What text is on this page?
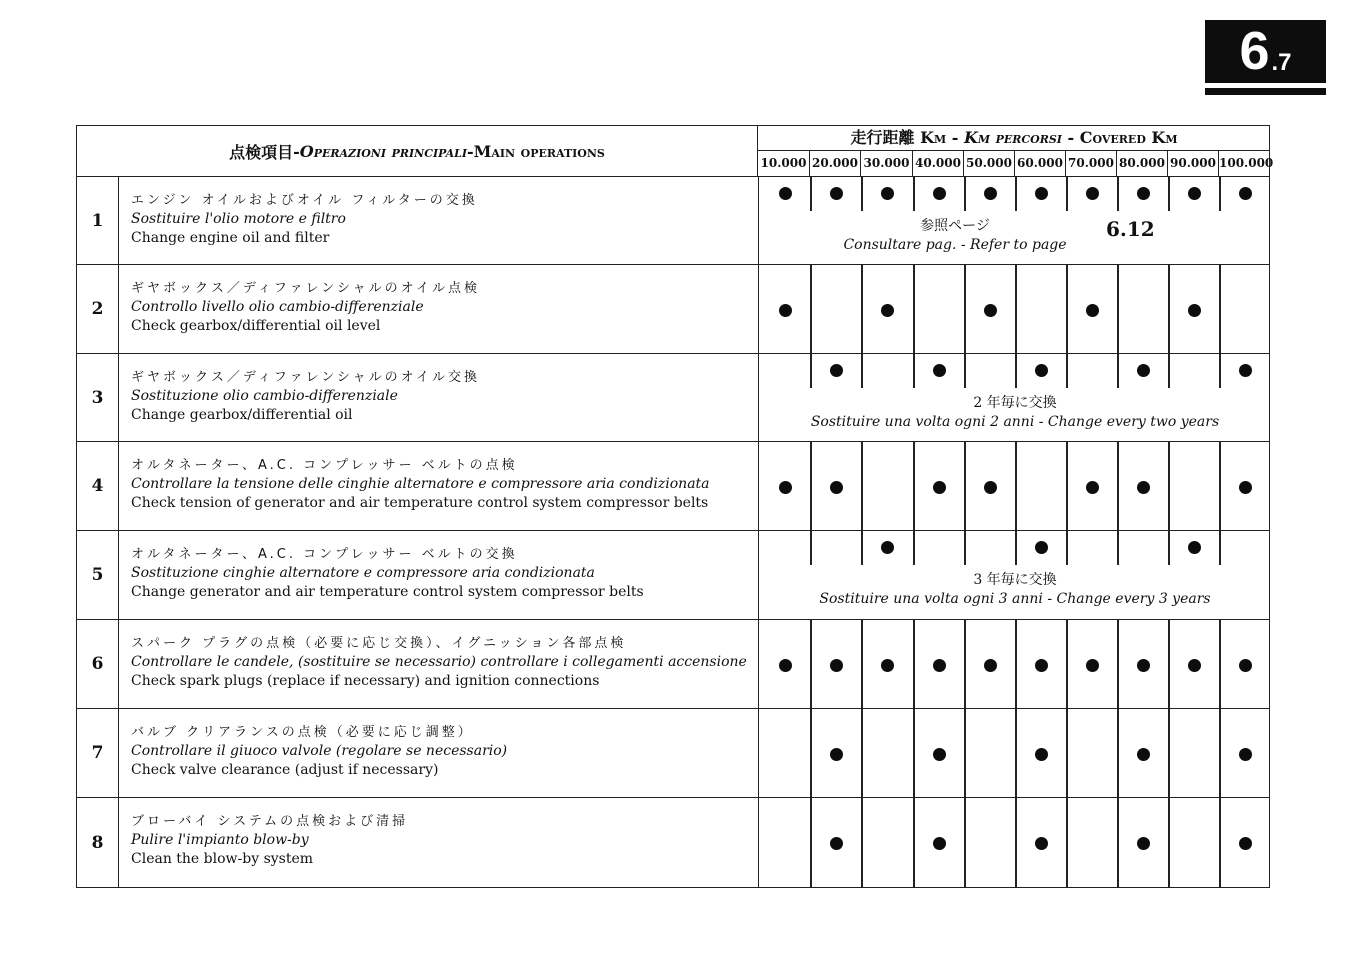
6 .7
点検項目 - Operazioni principali - Main operations
走行距離 Km - Km percorsi - Covered Km
10.000 20.000 30.000 40.000 50.000 60.000 70.000 80.000 90.000 100.000
1
エンジン オイルおよびオイル フィルターの交換
Sostituire l'olio motore e filtro
Change engine oil and filter
参照ページ
Consultare pag. - Refer to page
6.12
2
ギヤボックス／ディファレンシャルのオイル点検
Controllo livello olio cambio-differenziale
Check gearbox/differential oil level
3
ギヤボックス／ディファレンシャルのオイル交換
Sostituzione olio cambio-differenziale
Change gearbox/differential oil
2 年毎に交換
Sostituire una volta ogni 2 anni - Change every two years
4
オルタネーター、A.C. コンプレッサー ベルトの点検
Controllare la tensione delle cinghie alternatore e compressore aria condizionata
Check tension of generator and air temperature control system compressor belts
5
オルタネーター、A.C. コンプレッサー ベルトの交換
Sostituzione cinghie alternatore e compressore aria condizionata
Change generator and air temperature control system compressor belts
3 年毎に交換
Sostituire una volta ogni 3 anni - Change every 3 years
6
スパーク プラグの点検（必要に応じ交換）、イグニッション各部点検
Controllare le candele, (sostituire se necessario) controllare i collegamenti accensione
Check spark plugs (replace if necessary) and ignition connections
7
バルブ クリアランスの点検（必要に応じ調整）
Controllare il giuoco valvole (regolare se necessario)
Check valve clearance (adjust if necessary)
8
ブローバイ システムの点検および清掃
Pulire l'impianto blow-by
Clean the blow-by system
